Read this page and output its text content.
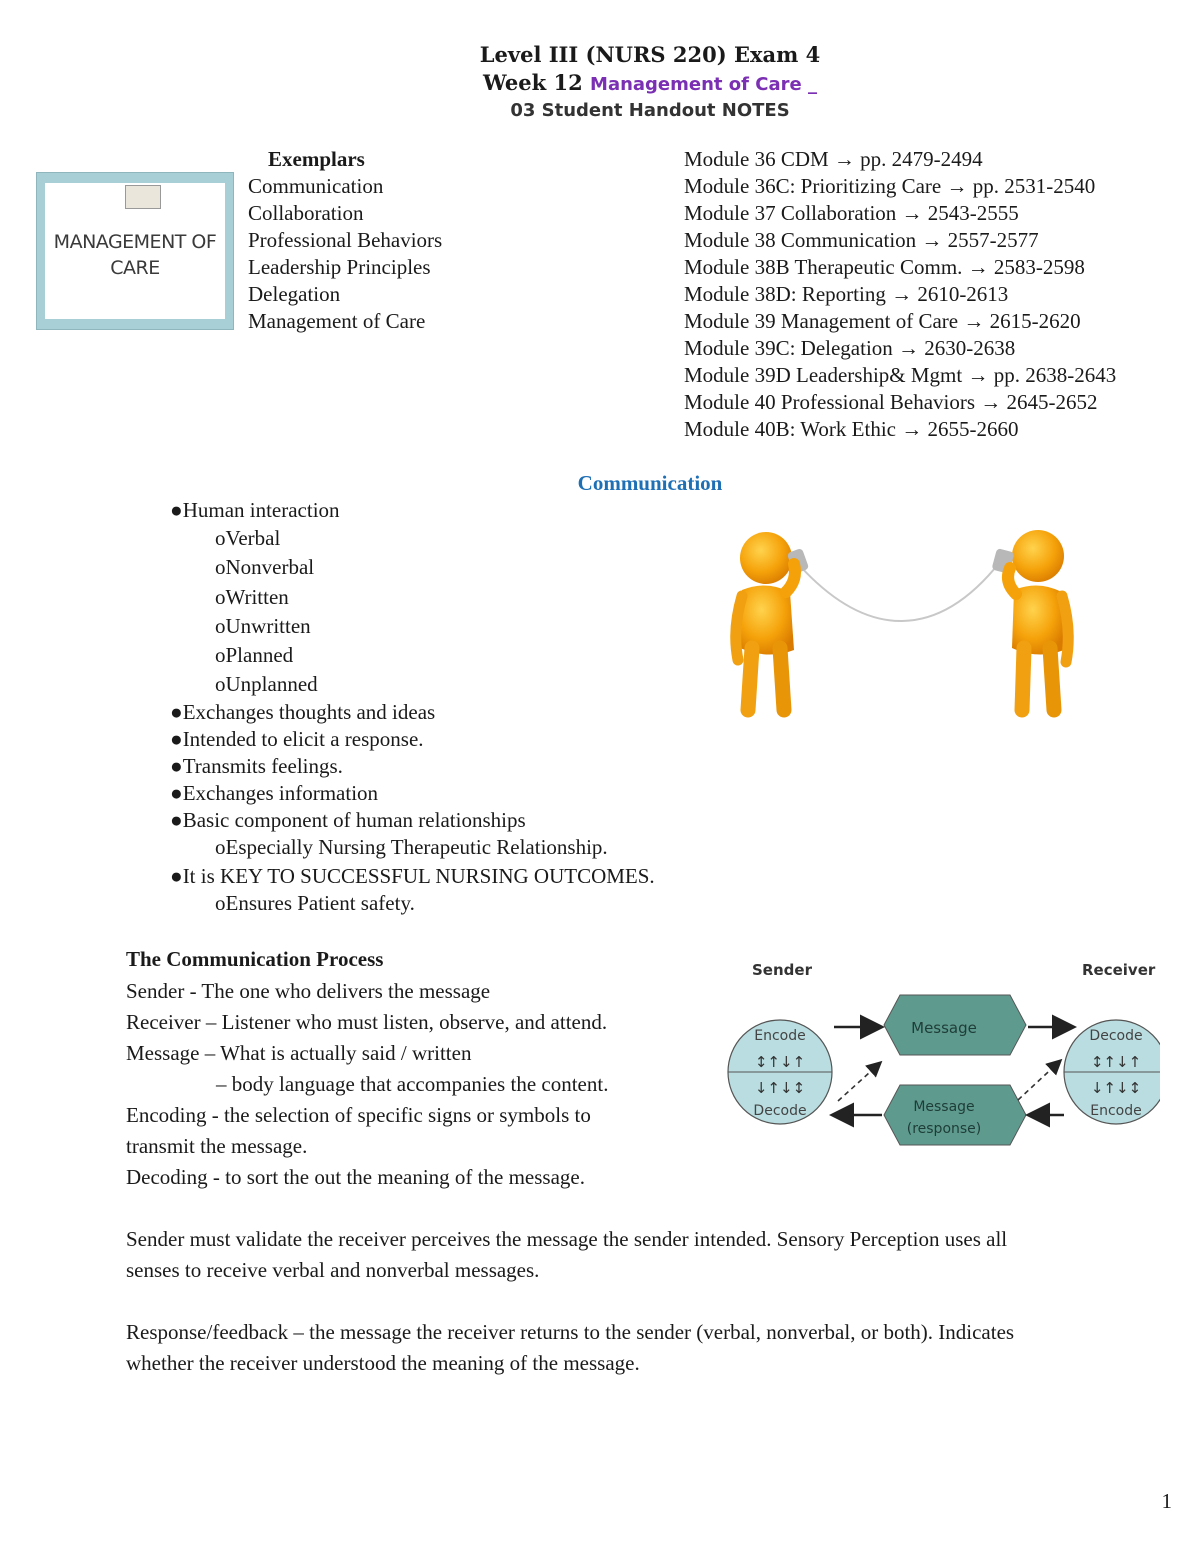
Level III (NURS 220) Exam 4
Week 12 Management of Care _
03 Student Handout NOTES
MANAGEMENT OF
CARE
Exemplars
Communication
Collaboration
Professional Behaviors
Leadership Principles
Delegation
Management of Care
Module 36 CDM → pp. 2479-2494
Module 36C: Prioritizing Care → pp. 2531-2540
Module 37 Collaboration → 2543-2555
Module 38 Communication → 2557-2577
Module 38B Therapeutic Comm. → 2583-2598
Module 38D: Reporting → 2610-2613
Module 39 Management of Care → 2615-2620
Module 39C: Delegation → 2630-2638
Module 39D Leadership& Mgmt → pp. 2638-2643
Module 40 Professional Behaviors → 2645-2652
Module 40B: Work Ethic → 2655-2660
Communication
●Human interaction
oVerbal
oNonverbal
oWritten
oUnwritten
oPlanned
oUnplanned
●Exchanges thoughts and ideas
●Intended to elicit a response.
●Transmits feelings.
●Exchanges information
●Basic component of human relationships
oEspecially Nursing Therapeutic Relationship.
●It is KEY TO SUCCESSFUL NURSING OUTCOMES.
oEnsures Patient safety.
The Communication Process
Sender - The one who delivers the message
Receiver – Listener who must listen, observe, and attend.
Message – What is actually said / written
– body language that accompanies the content.
Encoding - the selection of specific signs or symbols to
transmit the message.
Decoding - to sort the out the meaning of the message.
Sender must validate the receiver perceives the message the sender intended. Sensory Perception uses all
senses to receive verbal and nonverbal messages.
Response/feedback – the message the receiver returns to the sender (verbal, nonverbal, or both). Indicates
whether the receiver understood the meaning of the message.
Sender	Receiver
Encode
Decode
↕↑↓↑
↓↑↓↕
Decode
Encode
↕↑↓↑
↓↑↓↕
Message
Message
(response)
1
